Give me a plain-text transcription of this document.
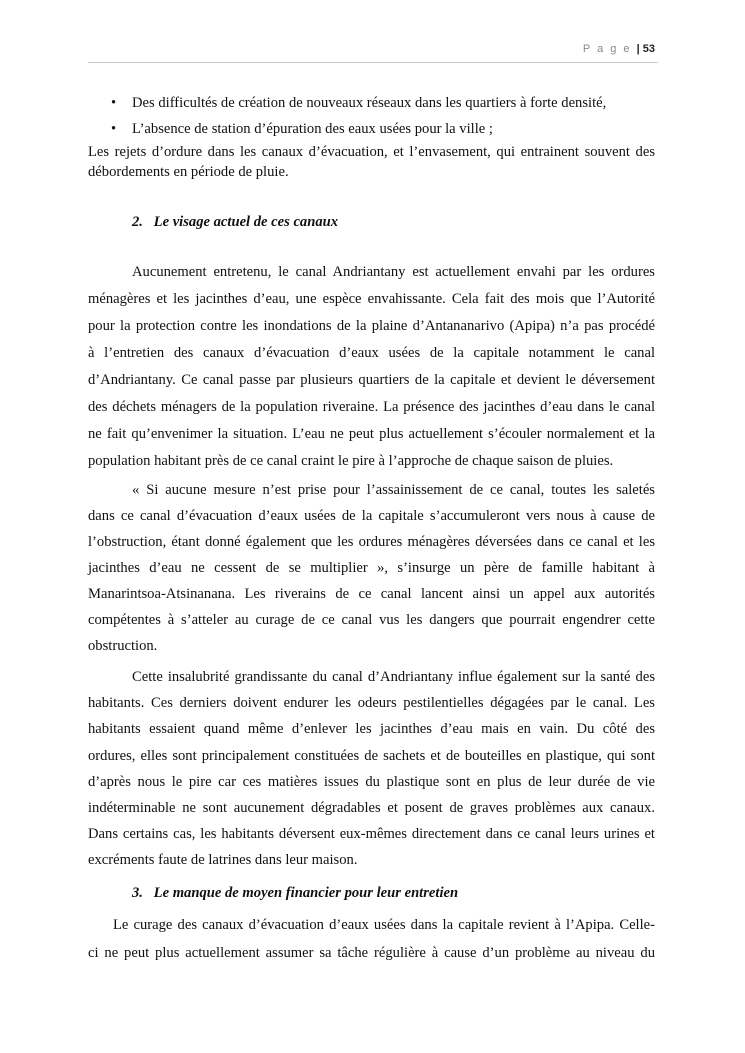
P a g e | 53
• Des difficultés de création de nouveaux réseaux dans les quartiers à forte densité,
• L’absence de station d’épuration des eaux usées pour la ville ;
Les rejets d’ordure dans les canaux d’évacuation, et l’envasement, qui entrainent souvent des
débordements en période de pluie.
2. Le visage actuel de ces canaux
Aucunement entretenu, le canal Andriantany est actuellement envahi par les ordures
ménagères et les jacinthes d’eau, une espèce envahissante. Cela fait des mois que l’Autorité
pour la protection contre les inondations de la plaine d’Antananarivo (Apipa) n’a pas procédé
à l’entretien des canaux d’évacuation d’eaux usées de la capitale notamment le canal
d’Andriantany. Ce canal passe par plusieurs quartiers de la capitale et devient le déversement
des déchets ménagers de la population riveraine. La présence des jacinthes d’eau dans le canal
ne fait qu’envenimer la situation. L’eau ne peut plus actuellement s’écouler normalement et la
population habitant près de ce canal craint le pire à l’approche de chaque saison de pluies.
« Si aucune mesure n’est prise pour l’assainissement de ce canal, toutes les saletés
dans ce canal d’évacuation d’eaux usées de la capitale s’accumuleront vers nous à cause de
l’obstruction, étant donné également que les ordures ménagères déversées dans ce canal et les
jacinthes d’eau ne cessent de se multiplier », s’insurge un père de famille habitant à
Manarintsoa-Atsinanana. Les riverains de ce canal lancent ainsi un appel aux autorités
compétentes à s’atteler au curage de ce canal vus les dangers que pourrait engendrer cette
obstruction.
Cette insalubrité grandissante du canal d’Andriantany influe également sur la santé des
habitants. Ces derniers doivent endurer les odeurs pestilentielles dégagées par le canal. Les
habitants essaient quand même d’enlever les jacinthes d’eau mais en vain. Du côté des
ordures, elles sont principalement constituées de sachets et de bouteilles en plastique, qui sont
d’après nous le pire car ces matières issues du plastique sont en plus de leur durée de vie
indéterminable ne sont aucunement dégradables et posent de graves problèmes aux canaux.
Dans certains cas, les habitants déversent eux-mêmes directement dans ce canal leurs urines et
excréments faute de latrines dans leur maison.
3. Le manque de moyen financier pour leur entretien
Le curage des canaux d’évacuation d’eaux usées dans la capitale revient à l’Apipa. Celle-
ci ne peut plus actuellement assumer sa tâche régulière à cause d’un problème au niveau du
